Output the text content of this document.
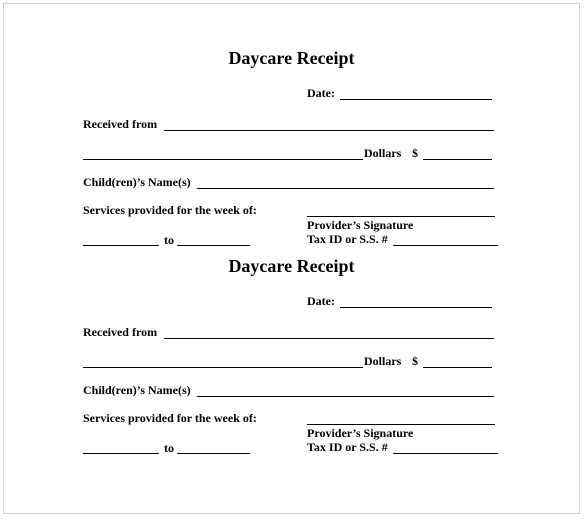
Daycare Receipt
Date:
Received from
Dollars $
Child(ren)’s Name(s)
Services provided for the week of:
Provider’s Signature
Tax ID or S.S. #
to
Daycare Receipt
Date:
Received from
Dollars $
Child(ren)’s Name(s)
Services provided for the week of:
Provider’s Signature
Tax ID or S.S. #
to
